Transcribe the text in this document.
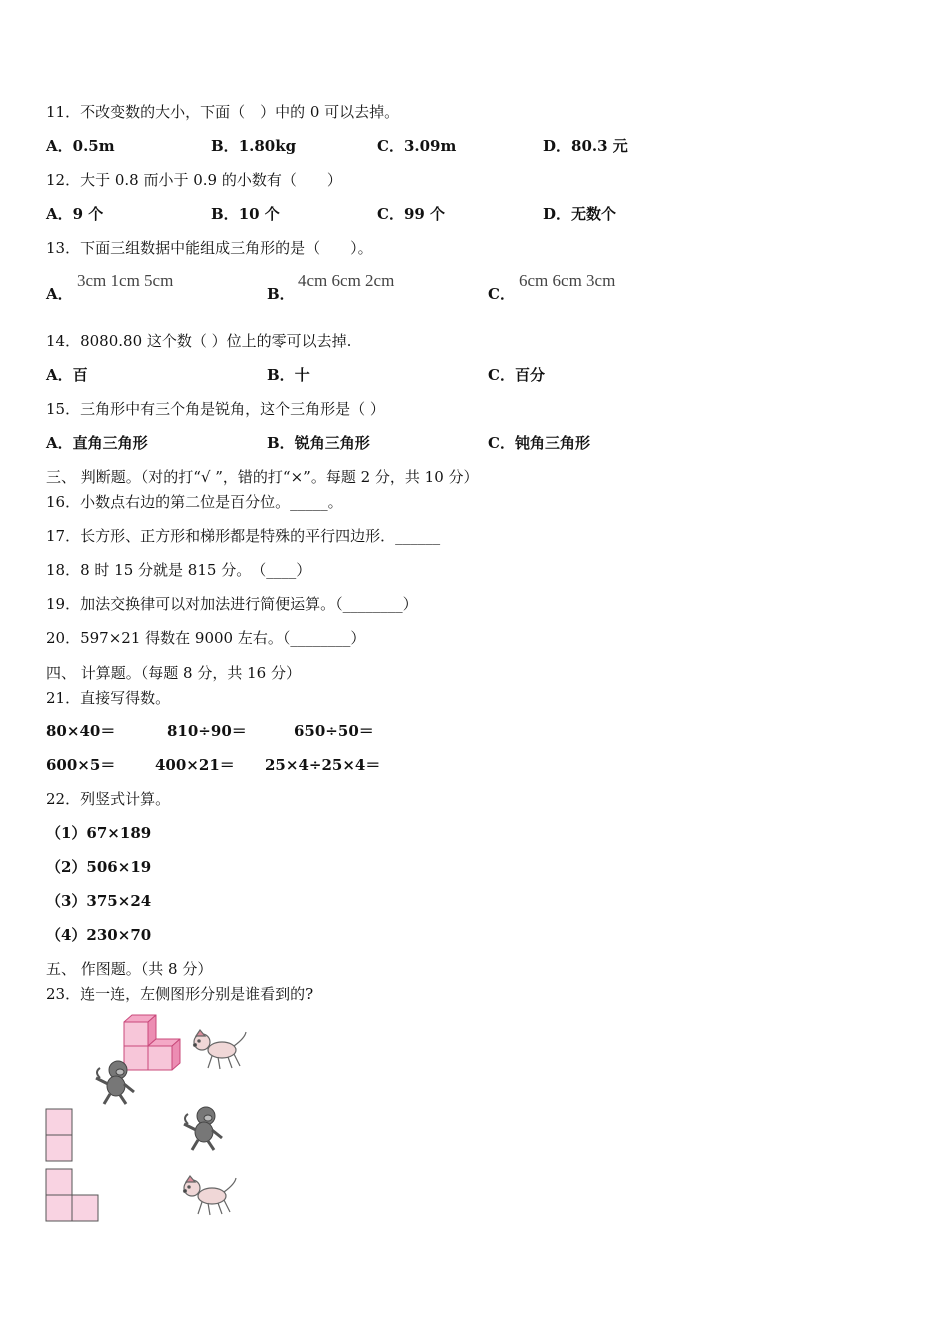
11．不改变数的大小，下面（　）中的 0 可以去掉。
A．0.5m	B．1.80kg	C．3.09m	D．80.3 元
12．大于 0.8 而小于 0.9 的小数有（　　）
A．9 个	B．10 个	C．99 个	D．无数个
13．下面三组数据中能组成三角形的是（　　）。
A．
3cm 1cm 5cm
B．
4cm 6cm 2cm
C．
6cm 6cm 3cm
14．8080.80 这个数（ ）位上的零可以去掉.
A．百	B．十	C．百分
15．三角形中有三个角是锐角，这个三角形是（ ）
A．直角三角形	B．锐角三角形	C．钝角三角形
三、 判断题。（对的打“√ ”，错的打“×”。每题 2 分，共 10 分）
16．小数点右边的第二位是百分位。_____。
17．长方形、正方形和梯形都是特殊的平行四边形．______
18．8 时 15 分就是 815 分。　（____）
19．加法交换律可以对加法进行简便运算。（________）
20．597×21 得数在 9000 左右。（________）
四、 计算题。（每题 8 分，共 16 分）
21．直接写得数。
80×40＝	810÷90＝	650÷50＝
600×5＝	400×21＝ 25×4÷25×4＝
22．列竖式计算。
（1）67×189
（2）506×19
（3）375×24
（4）230×70
五、 作图题。（共 8 分）
23．连一连，左侧图形分别是谁看到的?
